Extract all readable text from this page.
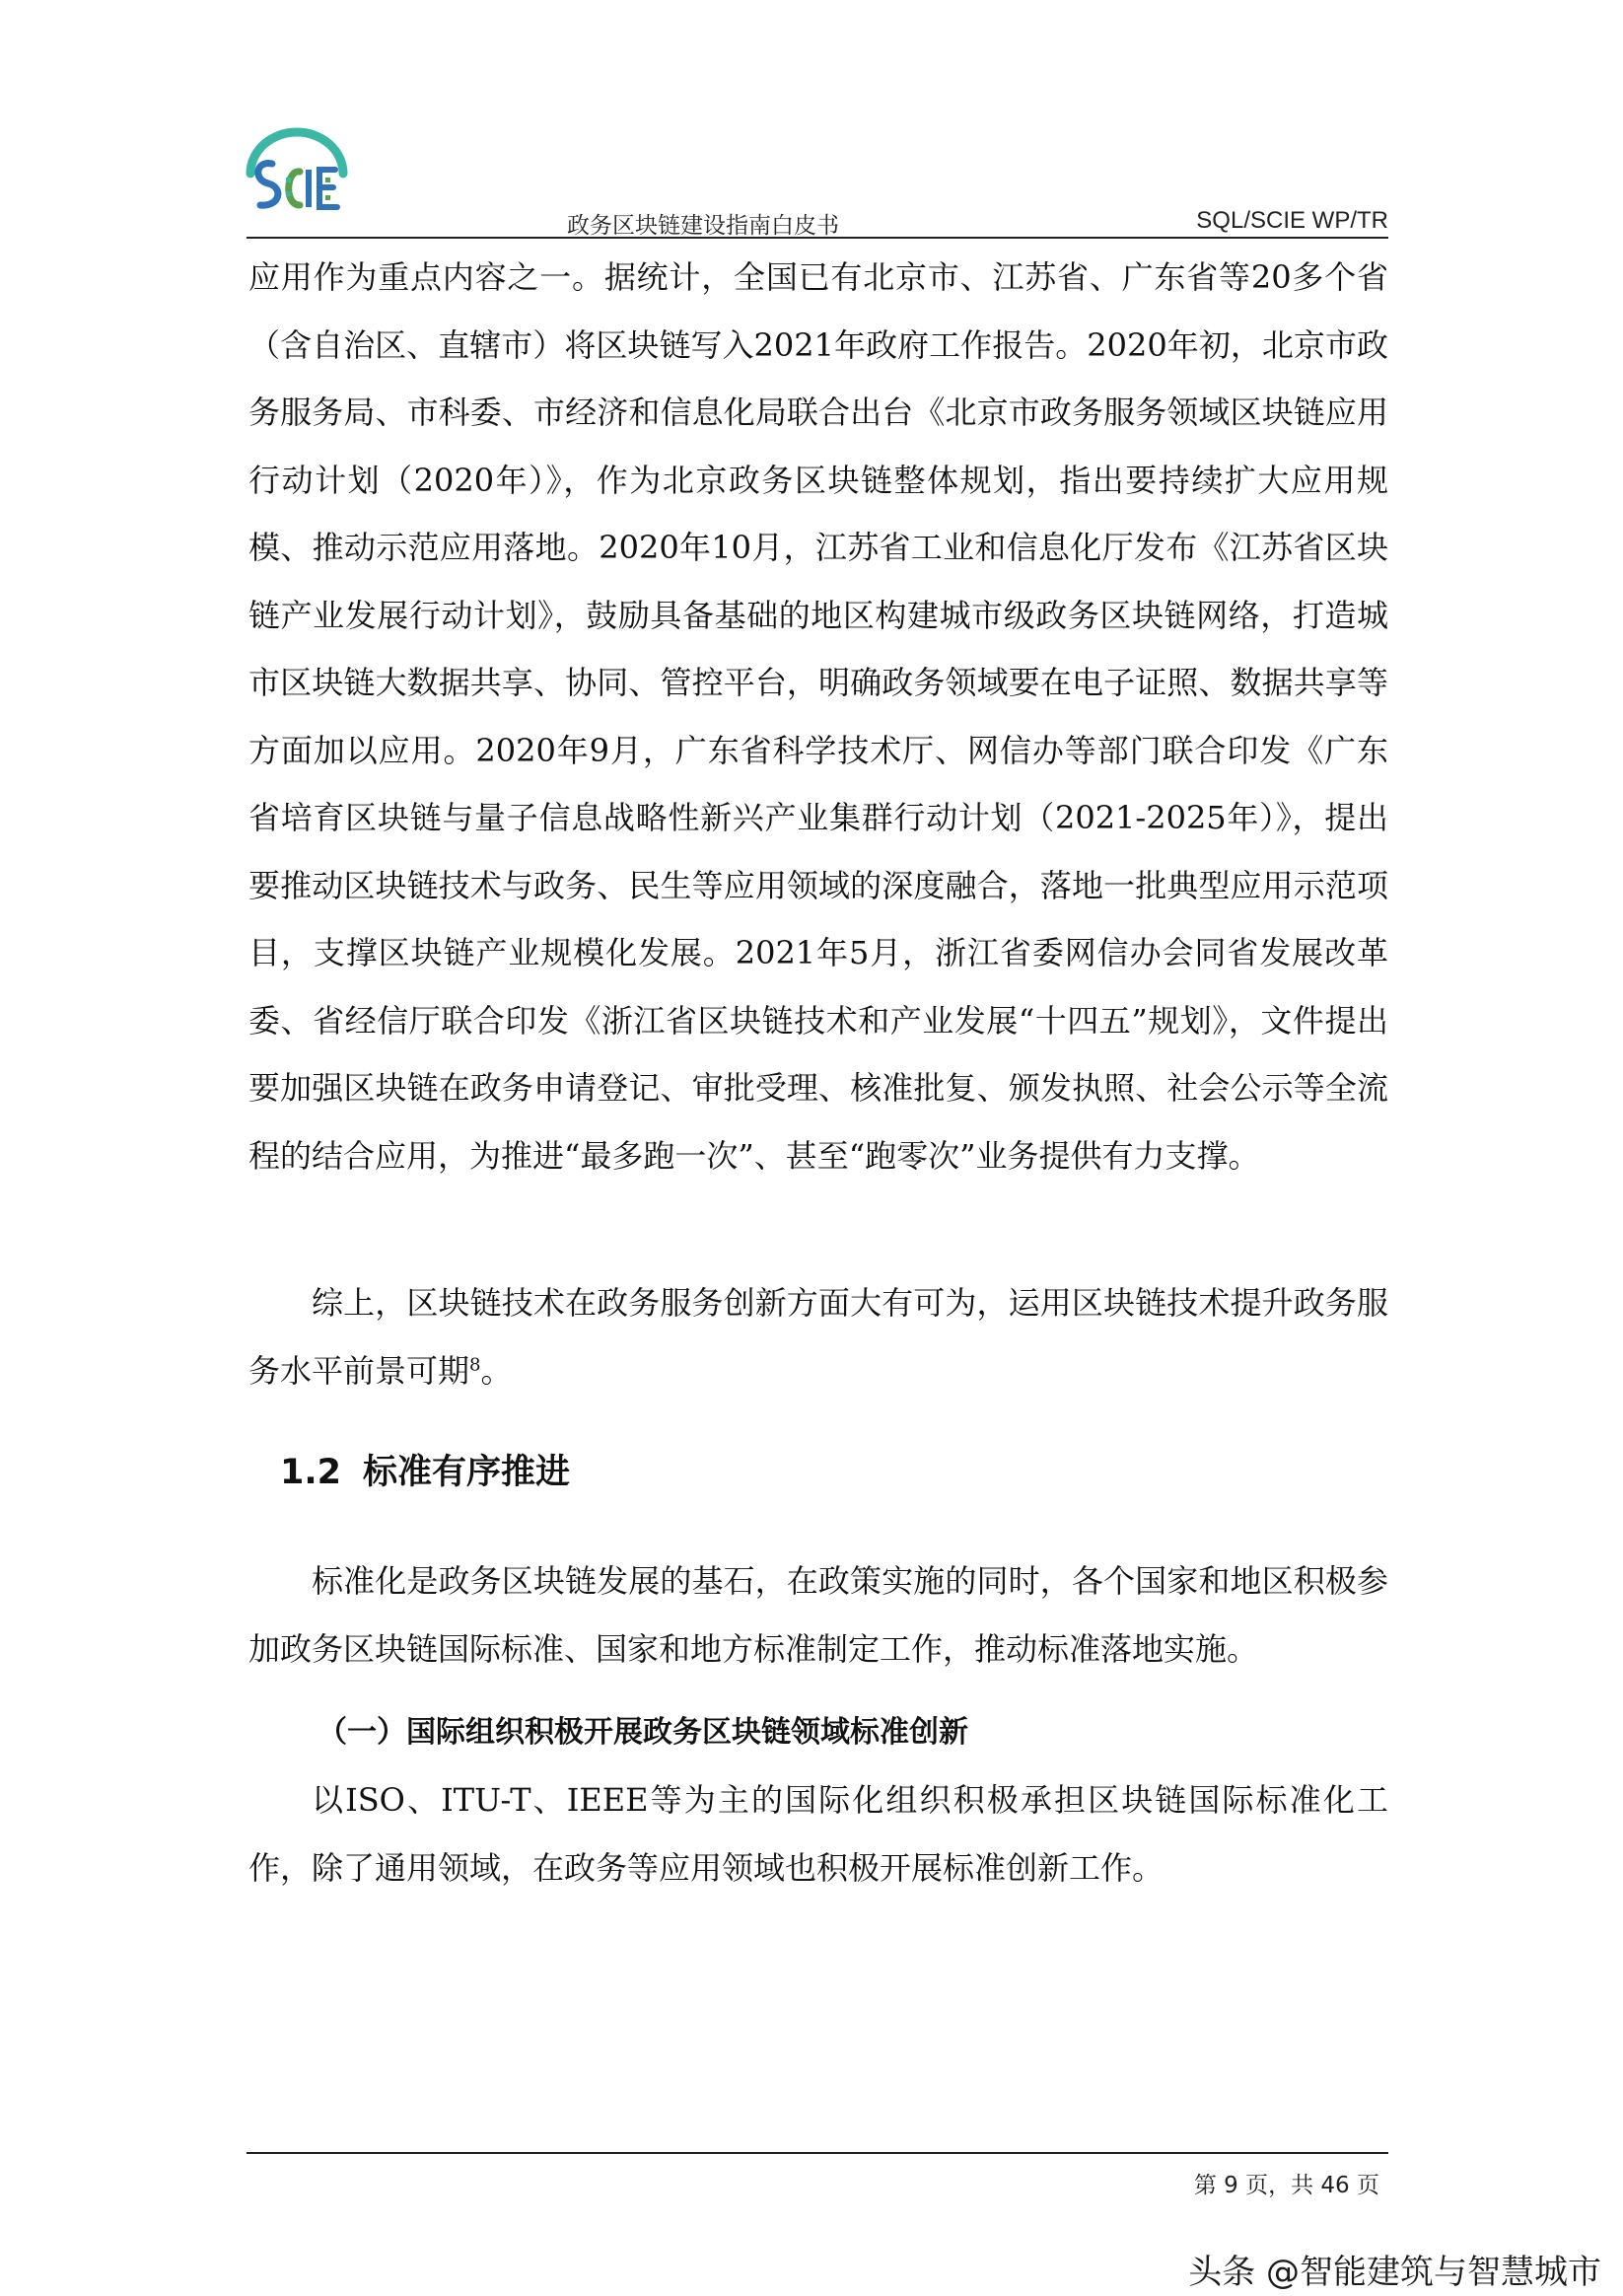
政务区块链建设指南白皮书	SQL/SCIE WP/TR

应用作为重点内容之一。据统计，全国已有北京市、江苏省、广东省等20多个省（含自治区、直辖市）将区块链写入2021年政府工作报告。2020年初，北京市政务服务局、市科委、市经济和信息化局联合出台《北京市政务服务领域区块链应用行动计划（2020年）》，作为北京政务区块链整体规划，指出要持续扩大应用规模、推动示范应用落地。2020年10月，江苏省工业和信息化厅发布《江苏省区块链产业发展行动计划》，鼓励具备基础的地区构建城市级政务区块链网络，打造城市区块链大数据共享、协同、管控平台，明确政务领域要在电子证照、数据共享等方面加以应用。2020年9月，广东省科学技术厅、网信办等部门联合印发《广东省培育区块链与量子信息战略性新兴产业集群行动计划（2021-2025年）》，提出要推动区块链技术与政务、民生等应用领域的深度融合，落地一批典型应用示范项目，支撑区块链产业规模化发展。2021年5月，浙江省委网信办会同省发展改革委、省经信厅联合印发《浙江省区块链技术和产业发展“十四五”规划》，文件提出要加强区块链在政务申请登记、审批受理、核准批复、颁发执照、社会公示等全流程的结合应用，为推进“最多跑一次”、甚至“跑零次”业务提供有力支撑。

综上，区块链技术在政务服务创新方面大有可为，运用区块链技术提升政务服务水平前景可期$^8$。

1.2 标准有序推进

标准化是政务区块链发展的基石，在政策实施的同时，各个国家和地区积极参加政务区块链国际标准、国家和地方标准制定工作，推动标准落地实施。

（一）国际组织积极开展政务区块链领域标准创新

以ISO、ITU-T、IEEE等为主的国际化组织积极承担区块链国际标准化工作，除了通用领域，在政务等应用领域也积极开展标准创新工作。

第 9 页，共 46 页
头条 @智能建筑与智慧城市
